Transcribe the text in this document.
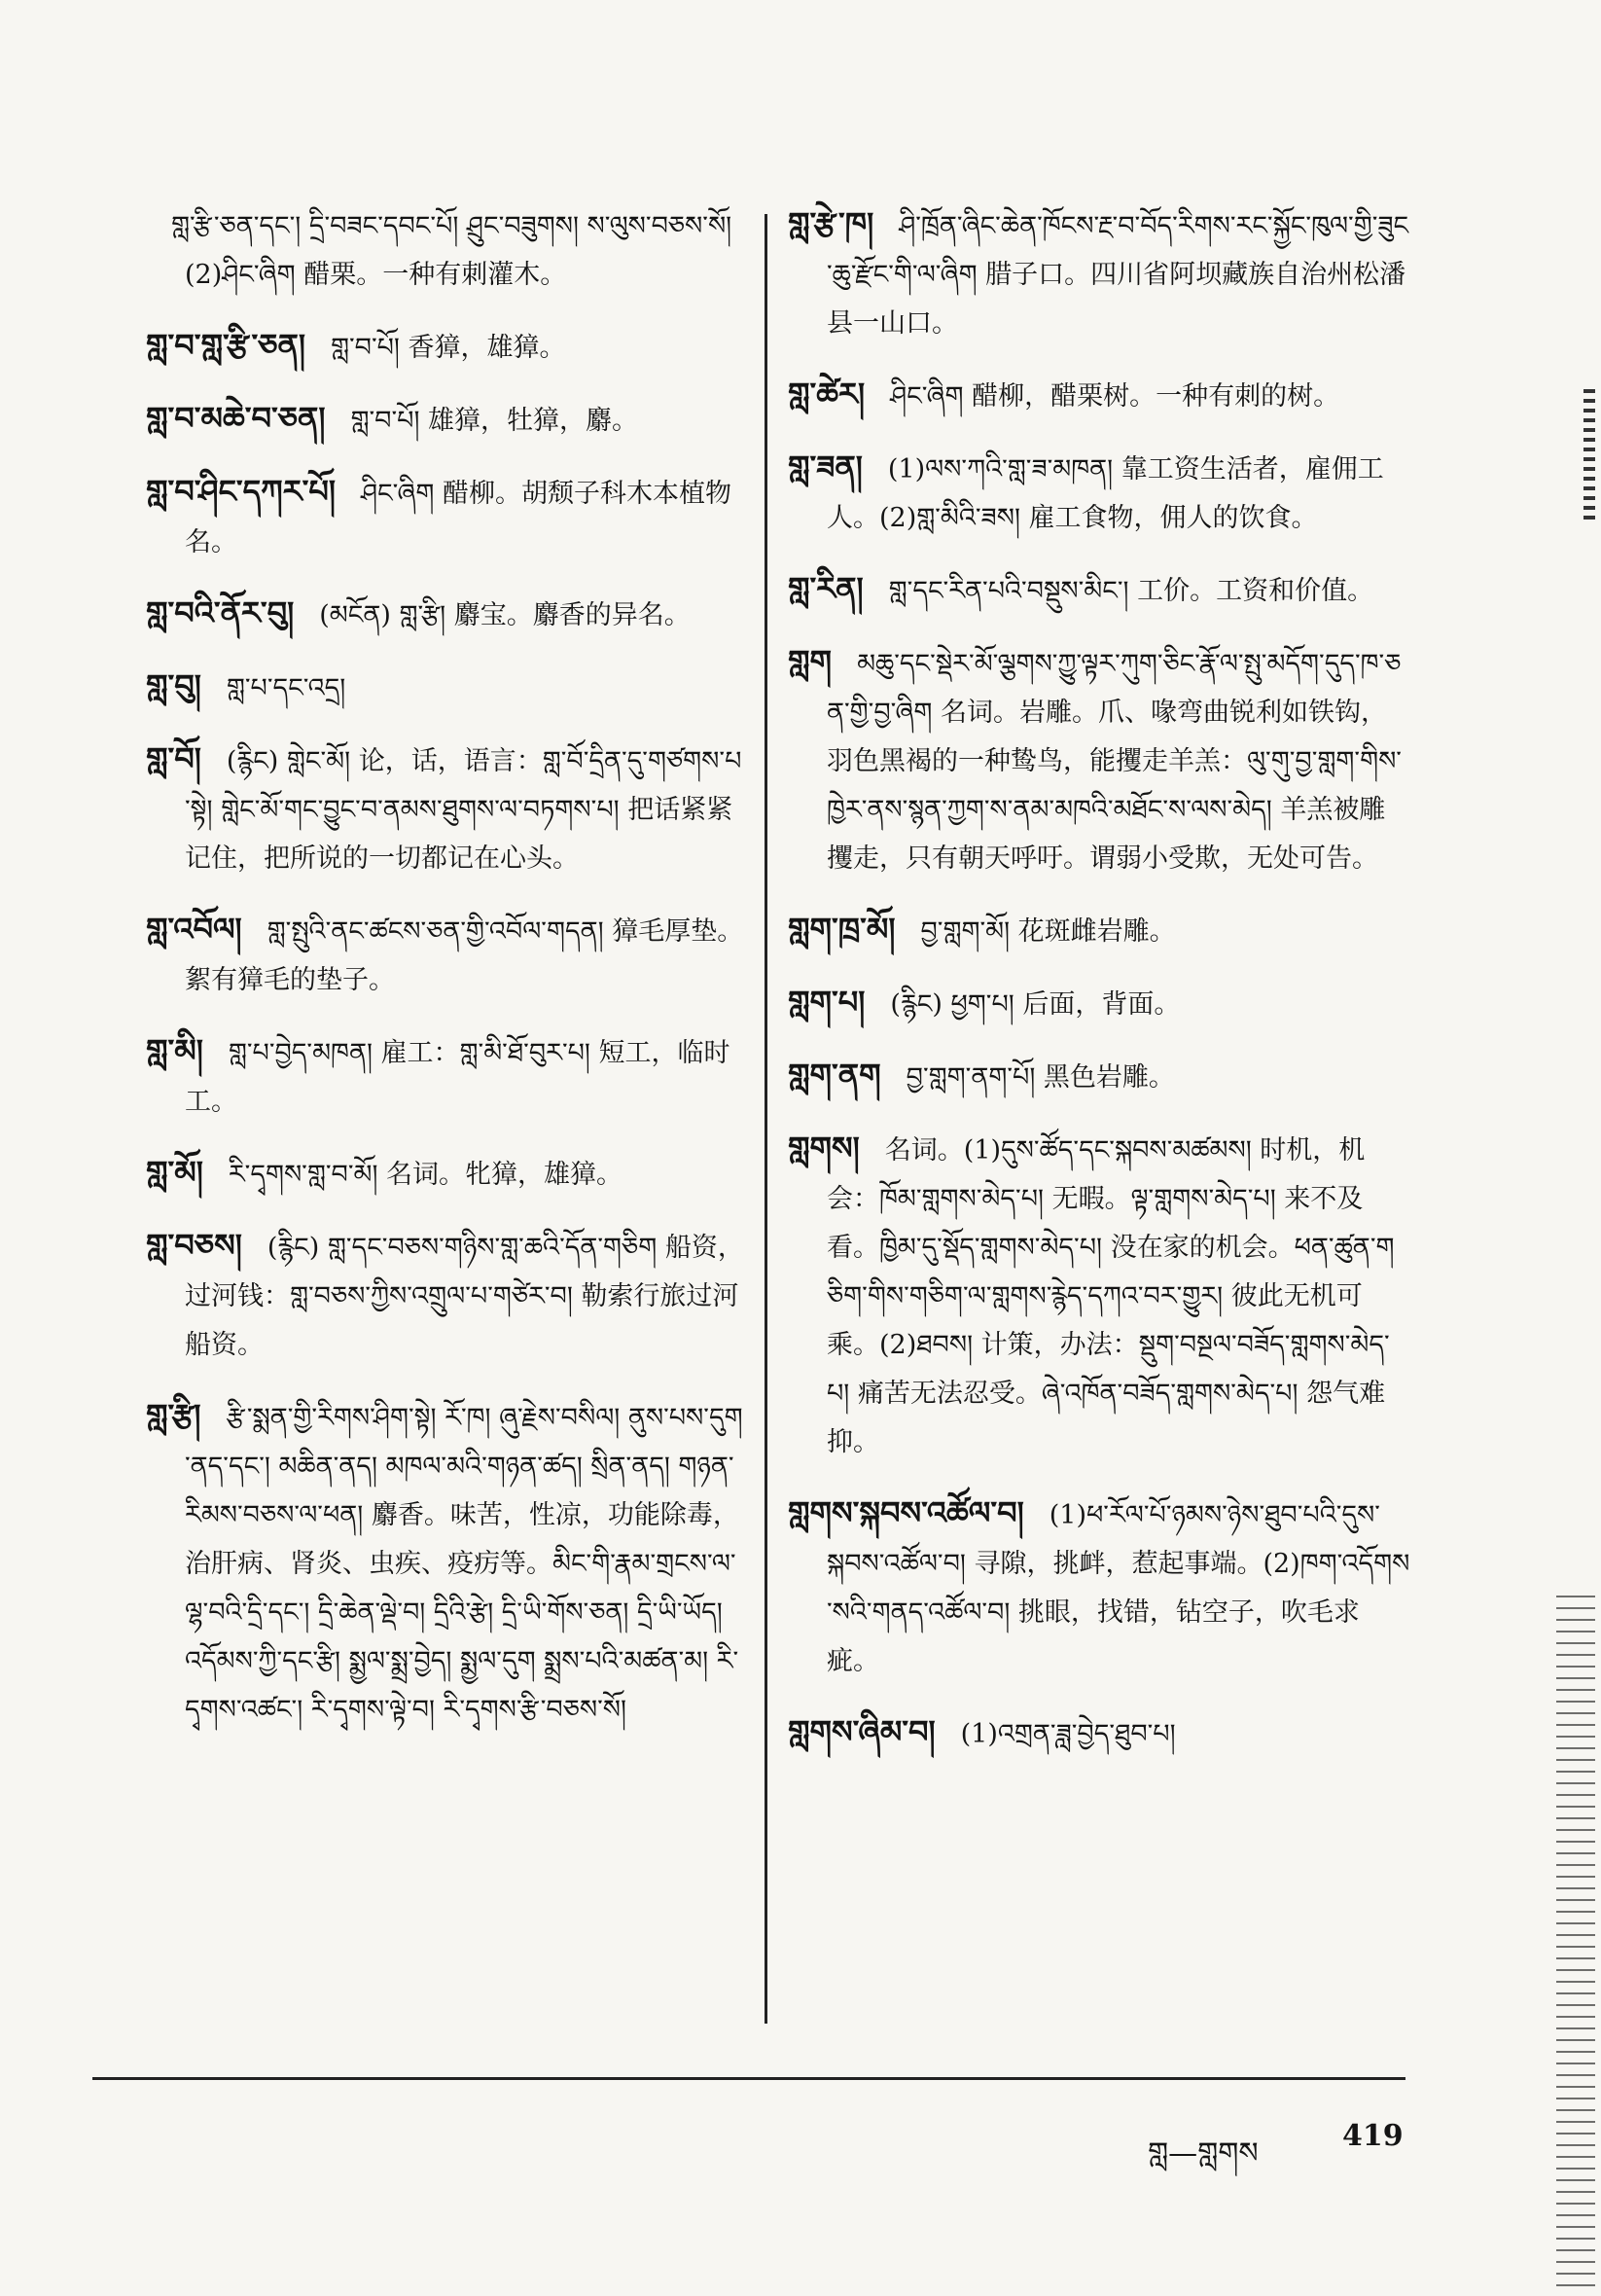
གླ་རྩི་ཅན་དང་། དྲི་བཟང་དབང་པོ། ཤྲུང་བཟུགས། ས་ལུས་བཅས་སོ། (2)ཤིང་ཞིག 醋栗。一种有刺灌木。
གླ་བ་གླ་རྩི་ཅན། གླ་བ་པོ། 香獐，雄獐。
གླ་བ་མཆེ་བ་ཅན། གླ་བ་པོ། 雄獐，牡獐，麝。
གླ་བ་ཤིང་དཀར་པོ། ཤིང་ཞིག 醋柳。胡颓子科木本植物名。
གླ་བའི་ནོར་བུ། (མངོན) གླ་རྩི། 麝宝。麝香的异名。
གླ་བུ། གླ་པ་དང་འདྲ།
གླ་བོ། (རྙིང) གླེང་མོ། 论，话，语言：གླ་བོ་དྲིན་དུ་གཙགས་པ་སྟེ། གླེང་མོ་གང་བྱུང་བ་ནམས་ཐུགས་ལ་བཏགས་པ། 把话紧紧记住，把所说的一切都记在心头。
གླ་འབོལ། གླ་སྤུའི་ནང་ཚངས་ཅན་གྱི་འབོལ་གདན། 獐毛厚垫。絮有獐毛的垫子。
གླ་མི། གླ་པ་བྱེད་མཁན། 雇工：གླ་མི་ཐོ་བུར་པ། 短工，临时工。
གླ་མོ། རི་དྭགས་གླ་བ་མོ། 名词。牝獐，雄獐。
གླ་བཅས། (རྙིང) གླ་དང་བཅས་གཉིས་གླ་ཆའི་དོན་གཅིག 船资，过河钱：གླ་བཅས་ཀྱིས་འགྲུལ་པ་གཙེར་བ། 勒索行旅过河船资。
གླ་རྩི། རྩི་སྨན་གྱི་རིགས་ཤིག་སྟེ། རོ་ཁ། ཞུ་རྗེས་བསིལ། ནུས་པས་དུག་ནད་དང་། མཆིན་ནད། མཁལ་མའི་གཉན་ཚད། སྲིན་ནད། གཉན་རིམས་བཅས་ལ་ཕན། 麝香。味苦，性凉，功能除毒，治肝病、肾炎、虫疾、疫疠等。མིང་གི་རྣམ་གྲངས་ལ་ལྷ་བའི་དྲི་དང་། དྲི་ཆེན་ལྡེ་བ། དྲིའི་རྩེ། དྲི་ཡི་གོས་ཅན། དྲི་ཡི་ཡོད། འདོམས་ཀྱི་དང་རྩི། སྨྱལ་སྨྲ་བྱེད། སྨྱལ་དུག སྨྲས་པའི་མཚན་མ། རི་དྭགས་འཚང་། རི་དྭགས་ལྟེ་བ། རི་དྭགས་རྩི་བཅས་སོ།
གླ་རྩེ་ཁ། ཤི་ཁྲོན་ཞིང་ཆེན་ཁོངས་རྔ་བ་བོད་རིགས་རང་སྐྱོང་ཁུལ་གྱི་ཟུང་ཆུ་རྫོང་གི་ལ་ཞིག 腊子口。四川省阿坝藏族自治州松潘县一山口。
གླ་ཚེར། ཤིང་ཞིག 醋柳，醋栗树。一种有刺的树。
གླ་ཟན། (1)ལས་ཀའི་གླ་ཟ་མཁན། 靠工资生活者，雇佣工人。(2)གླ་མིའི་ཟས། 雇工食物，佣人的饮食。
གླ་རིན། གླ་དང་རིན་པའི་བསྡུས་མིང་། 工价。工资和价值。
གླག མཆུ་དང་སྡེར་མོ་ལྕགས་ཀྱུ་ལྟར་ཀུག་ཅིང་རྣོ་ལ་སྤུ་མདོག་དུད་ཁ་ཅན་གྱི་བྱ་ཞིག 名词。岩雕。爪、喙弯曲锐利如铁钩，羽色黑褐的一种鸷鸟，能攫走羊羔：ལུ་གུ་བྱ་གླག་གིས་ཁྱེར་ནས་སྙན་ཀྱག་ས་ནམ་མཁའི་མཐོང་ས་ལས་མེད། 羊羔被雕攫走，只有朝天呼吁。谓弱小受欺，无处可告。
གླག་ཁྲ་མོ། བྱ་གླག་མོ། 花斑雌岩雕。
གླག་པ། (རྙིང) ཕྱག་པ། 后面，背面。
གླག་ནག བྱ་གླག་ནག་པོ། 黑色岩雕。
གླགས། 名词。(1)དུས་ཚོད་དང་སྐབས་མཚམས། 时机，机会：ཁོམ་གླགས་མེད་པ། 无暇。ལྟ་གླགས་མེད་པ། 来不及看。ཁྱིམ་དུ་སྡོད་གླགས་མེད་པ། 没在家的机会。ཕན་ཚུན་གཅིག་གིས་གཅིག་ལ་གླགས་རྙེད་དཀའ་བར་གྱུར། 彼此无机可乘。(2)ཐབས། 计策，办法：སྡུག་བསྔལ་བཟོད་གླགས་མེད་པ། 痛苦无法忍受。ཞེ་འཁོན་བཟོད་གླགས་མེད་པ། 怨气难抑。
གླགས་སྐབས་འཚོལ་བ། (1)ཕ་རོལ་པོ་ཉམས་ཉེས་ཐུབ་པའི་དུས་སྐབས་འཚོལ་བ། 寻隙，挑衅，惹起事端。(2)ཁག་འདོགས་སའི་གནད་འཚོལ་བ། 挑眼，找错，钻空子，吹毛求疵。
གླགས་ཞིམ་བ། (1)འགྲན་ཟླ་བྱེད་ཐུབ་པ།
གླ—གླགས
419
